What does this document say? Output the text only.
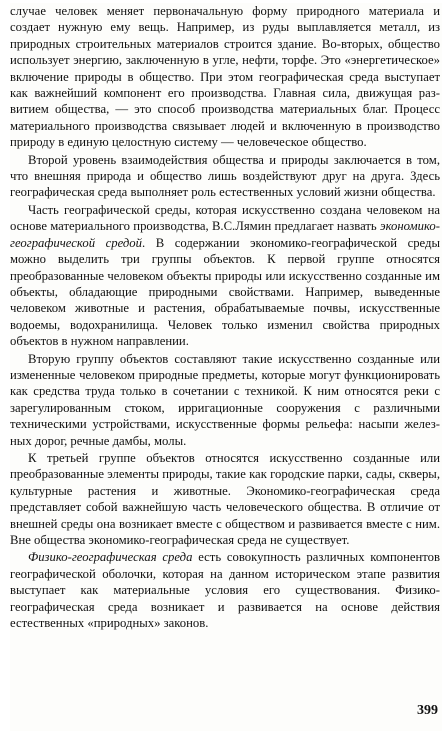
случае человек меняет первоначальную форму природного материала и создает нужную ему вещь. Например, из руды выплавляется металл, из природных строительных материалов строится здание. Во-вторых, общество использует энергию, заключенную в угле, нефти, торфе. Это «энергетическое» включение природы в общество. При этом географическая среда выступает как важнейший компонент его производства. Главная сила, движущая развитием общества, — это способ производства материальных благ. Процесс материального производства связывает людей и включенную в производство природу в единую целостную систему — человеческое общество.

Второй уровень взаимодействия общества и природы заключается в том, что внешняя природа и общество лишь воздействуют друг на друга. Здесь географическая среда выполняет роль естественных условий жизни общества.

Часть географической среды, которая искусственно создана человеком на основе материального производства, В.С.Лямин предлагает назвать экономико-географической средой. В содержании экономико-географической среды можно выделить три группы объектов. К первой группе относятся преобразованные человеком объекты природы или искусственно созданные им объекты, обладающие природными свойствами. Например, выведенные человеком животные и растения, обрабатываемые почвы, искусственные водоемы, водохранилища. Человек только изменил свойства природных объектов в нужном направлении.

Вторую группу объектов составляют такие искусственно созданные или измененные человеком природные предметы, которые могут функционировать как средства труда только в сочетании с техникой. К ним относятся реки с зарегулированным стоком, ирригационные сооружения с различными техническими устройствами, искусственные формы рельефа: насыпи железных дорог, речные дамбы, молы.

К третьей группе объектов относятся искусственно созданные или преобразованные элементы природы, такие как городские парки, сады, скверы, культурные растения и животные. Экономико-географическая среда представляет собой важнейшую часть человеческого общества. В отличие от внешней среды она возникает вместе с обществом и развивается вместе с ним. Вне общества экономико-географическая среда не существует.

Физико-географическая среда есть совокупность различных компонентов географической оболочки, которая на данном историческом этапе развития выступает как материальные условия его существования. Физико-географическая среда возникает и развивается на основе действия естественных «природных» законов.

399
